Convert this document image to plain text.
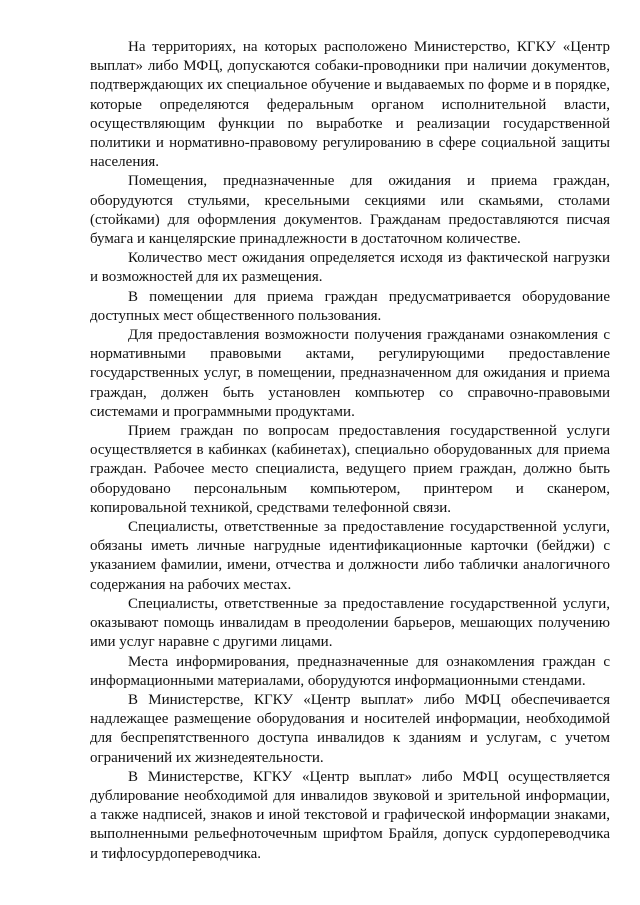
На территориях, на которых расположено Министерство, КГКУ «Центр выплат» либо МФЦ, допускаются собаки-проводники при наличии документов, подтверждающих их специальное обучение и выдаваемых по форме и в порядке, которые определяются федеральным органом исполнительной власти, осуществляющим функции по выработке и реализации государственной политики и нормативно-правовому регулированию в сфере социальной защиты населения.

Помещения, предназначенные для ожидания и приема граждан, оборудуются стульями, кресельными секциями или скамьями, столами (стойками) для оформления документов. Гражданам предоставляются писчая бумага и канцелярские принадлежности в достаточном количестве.

Количество мест ожидания определяется исходя из фактической нагрузки и возможностей для их размещения.

В помещении для приема граждан предусматривается оборудование доступных мест общественного пользования.

Для предоставления возможности получения гражданами ознакомления с нормативными правовыми актами, регулирующими предоставление государственных услуг, в помещении, предназначенном для ожидания и приема граждан, должен быть установлен компьютер со справочно-правовыми системами и программными продуктами.

Прием граждан по вопросам предоставления государственной услуги осуществляется в кабинках (кабинетах), специально оборудованных для приема граждан. Рабочее место специалиста, ведущего прием граждан, должно быть оборудовано персональным компьютером, принтером и сканером, копировальной техникой, средствами телефонной связи.

Специалисты, ответственные за предоставление государственной услуги, обязаны иметь личные нагрудные идентификационные карточки (бейджи) с указанием фамилии, имени, отчества и должности либо таблички аналогичного содержания на рабочих местах.

Специалисты, ответственные за предоставление государственной услуги, оказывают помощь инвалидам в преодолении барьеров, мешающих получению ими услуг наравне с другими лицами.

Места информирования, предназначенные для ознакомления граждан с информационными материалами, оборудуются информационными стендами.

В Министерстве, КГКУ «Центр выплат» либо МФЦ обеспечивается надлежащее размещение оборудования и носителей информации, необходимой для беспрепятственного доступа инвалидов к зданиям и услугам, с учетом ограничений их жизнедеятельности.

В Министерстве, КГКУ «Центр выплат» либо МФЦ осуществляется дублирование необходимой для инвалидов звуковой и зрительной информации, а также надписей, знаков и иной текстовой и графической информации знаками, выполненными рельефноточечным шрифтом Брайля, допуск сурдопереводчика и тифлосурдопереводчика.
